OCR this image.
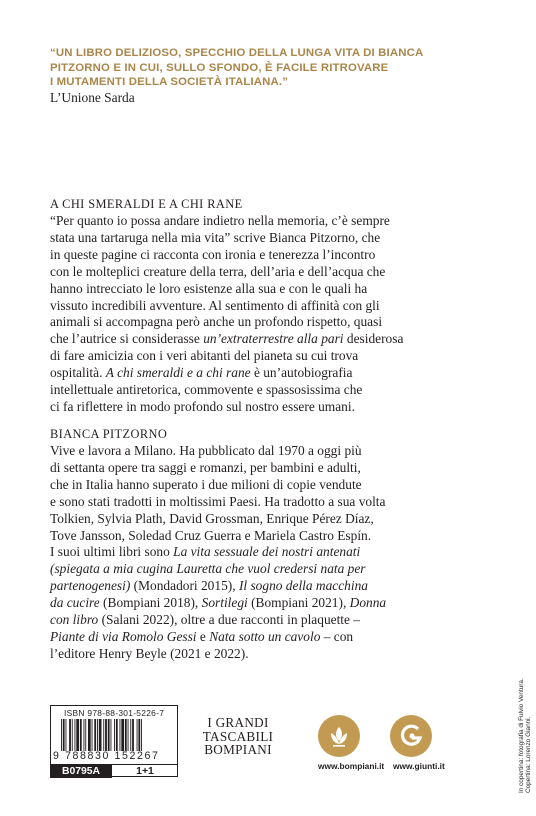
“UN LIBRO DELIZIOSO, SPECCHIO DELLA LUNGA VITA DI BIANCA
PITZORNO E IN CUI, SULLO SFONDO, È FACILE RITROVARE
I MUTAMENTI DELLA SOCIETÀ ITALIANA.”
L’Unione Sarda
A CHI SMERALDI E A CHI RANE
“Per quanto io possa andare indietro nella memoria, c’è sempre
stata una tartaruga nella mia vita” scrive Bianca Pitzorno, che
in queste pagine ci racconta con ironia e tenerezza l’incontro
con le molteplici creature della terra, dell’aria e dell’acqua che
hanno intrecciato le loro esistenze alla sua e con le quali ha
vissuto incredibili avventure. Al sentimento di affinità con gli
animali si accompagna però anche un profondo rispetto, quasi
che l’autrice si considerasse un’extraterrestre alla pari desiderosa
di fare amicizia con i veri abitanti del pianeta su cui trova
ospitalità. A chi smeraldi e a chi rane è un’autobiografia
intellettuale antiretorica, commovente e spassosissima che
ci fa riflettere in modo profondo sul nostro essere umani.
BIANCA PITZORNO
Vive e lavora a Milano. Ha pubblicato dal 1970 a oggi più
di settanta opere tra saggi e romanzi, per bambini e adulti,
che in Italia hanno superato i due milioni di copie vendute
e sono stati tradotti in moltissimi Paesi. Ha tradotto a sua volta
Tolkien, Sylvia Plath, David Grossman, Enrique Pérez Díaz,
Tove Jansson, Soledad Cruz Guerra e Mariela Castro Espín.
I suoi ultimi libri sono La vita sessuale dei nostri antenati
(spiegata a mia cugina Lauretta che vuol credersi nata per
partenogenesi) (Mondadori 2015), Il sogno della macchina
da cucire (Bompiani 2018), Sortilegi (Bompiani 2021), Donna
con libro (Salani 2022), oltre a due racconti in plaquette –
Piante di via Romolo Gessi e Nata sotto un cavolo – con
l’editore Henry Beyle (2021 e 2022).
ISBN 978-88-301-5226-7
9 788830 152267
B0795A	1+1
I GRANDI
TASCABILI
BOMPIANI
www.bompiani.it www.giunti.it	In copertina: fotografia di Fulvio Ventura. Copertina: Lorenzo Gianni.
